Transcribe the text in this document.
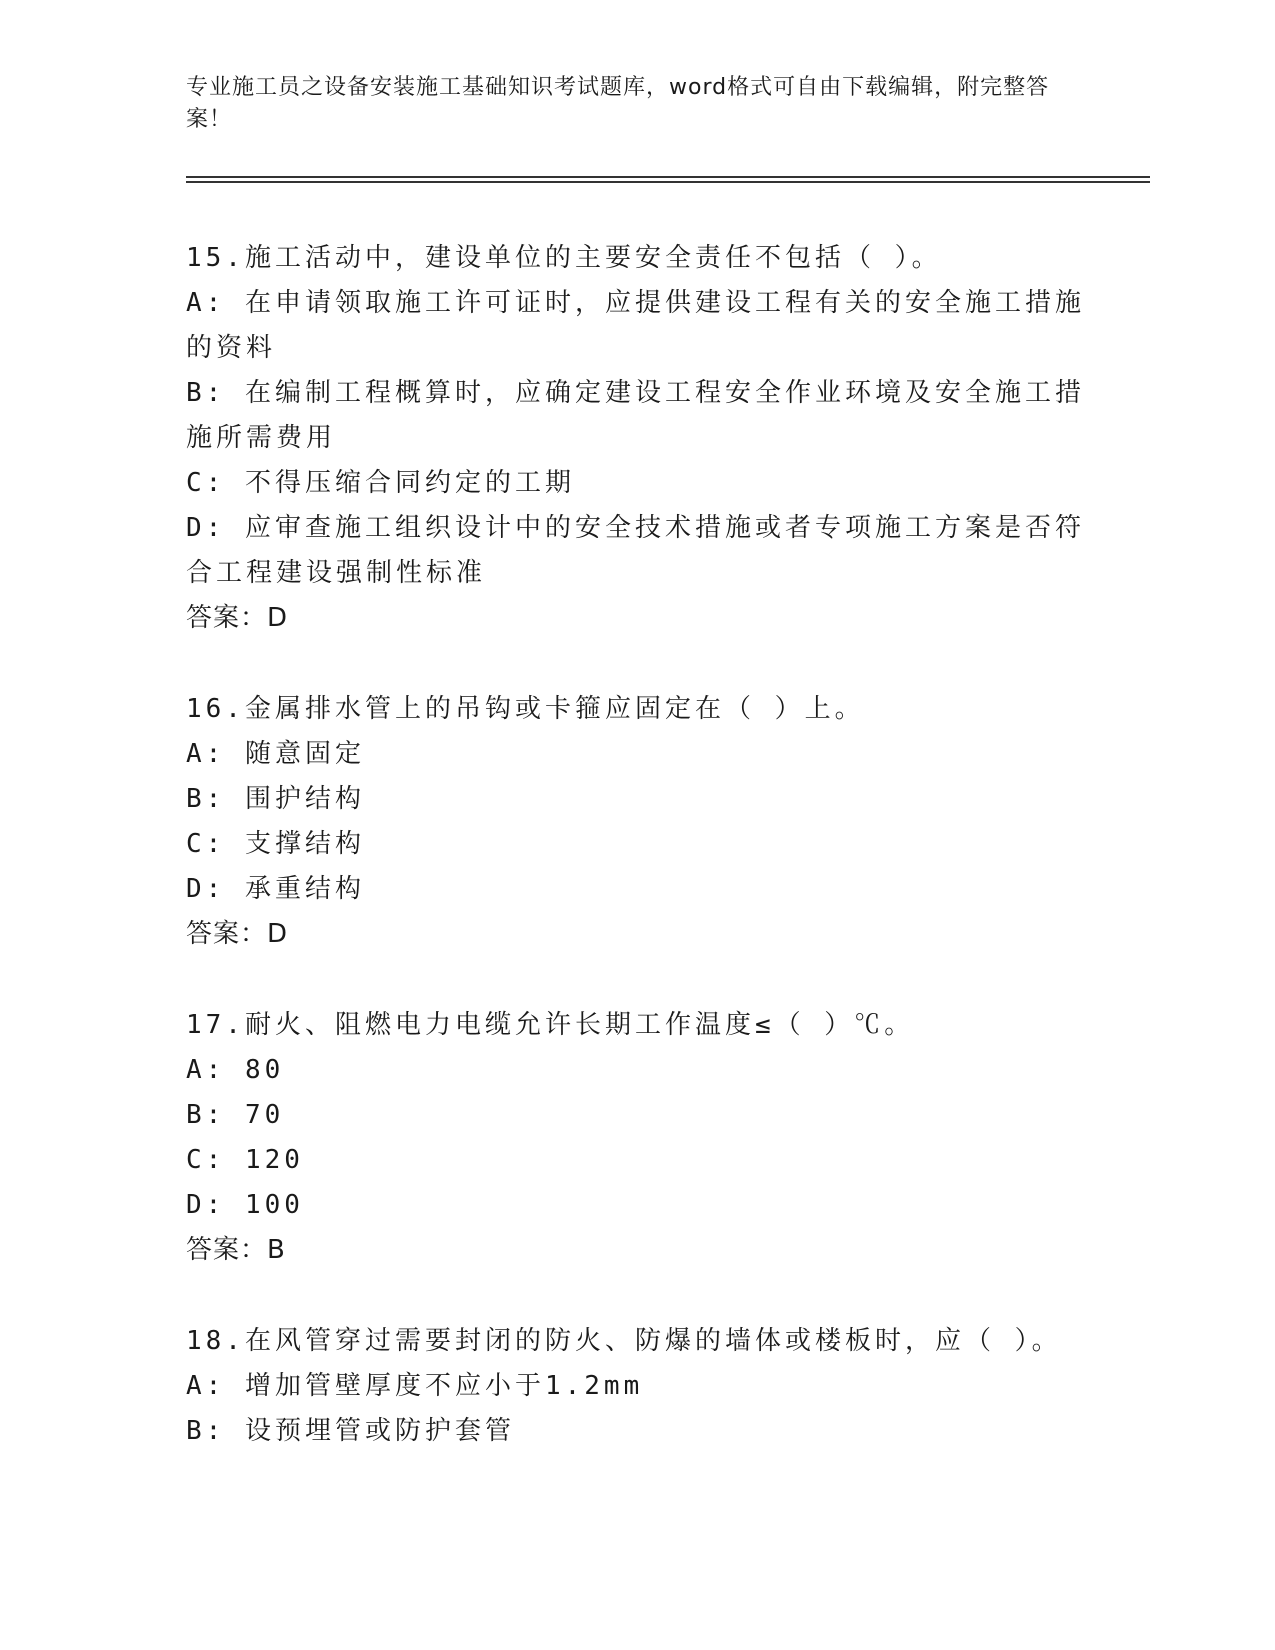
专业施工员之设备安装施工基础知识考试题库，word格式可自由下载编辑，附完整答案！
15.施工活动中，建设单位的主要安全责任不包括（ ）。
A: 在申请领取施工许可证时，应提供建设工程有关的安全施工措施的资料
B: 在编制工程概算时，应确定建设工程安全作业环境及安全施工措施所需费用
C: 不得压缩合同约定的工期
D: 应审查施工组织设计中的安全技术措施或者专项施工方案是否符合工程建设强制性标准
答案：D
16.金属排水管上的吊钩或卡箍应固定在（ ）上。
A: 随意固定
B: 围护结构
C: 支撑结构
D: 承重结构
答案：D
17.耐火、阻燃电力电缆允许长期工作温度≤（ ）℃。
A: 80
B: 70
C: 120
D: 100
答案：B
18.在风管穿过需要封闭的防火、防爆的墙体或楼板时，应（ ）。
A: 增加管壁厚度不应小于1.2mm
B: 设预埋管或防护套管
